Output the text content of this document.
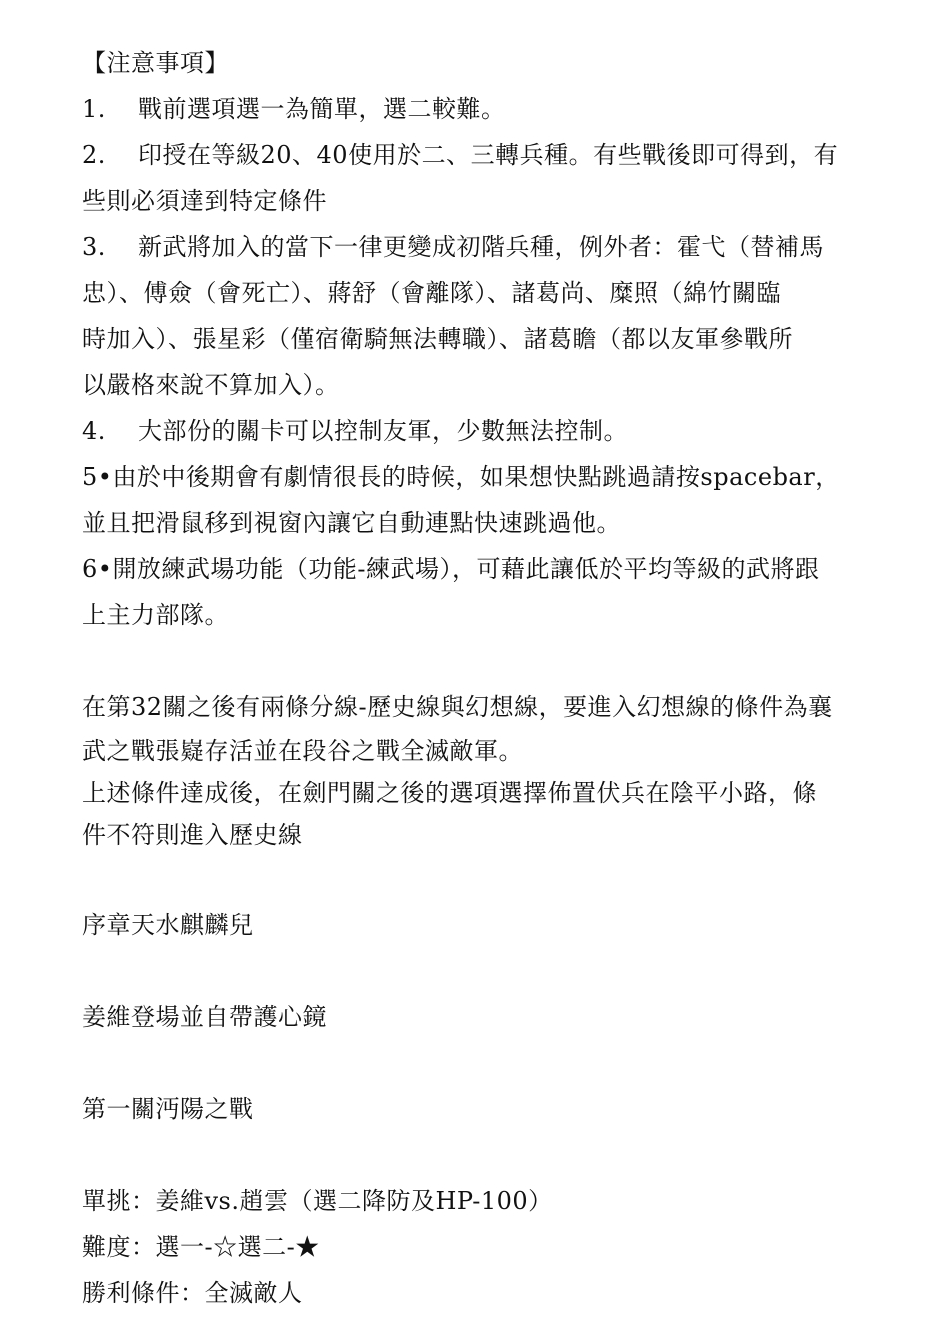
【注意事項】
1. 戰前選項選一為簡單，選二較難。
2. 印授在等級20、40使用於二、三轉兵種。有些戰後即可得到，有
些則必須達到特定條件
3. 新武將加入的當下一律更變成初階兵種，例外者：霍弋（替補馬
忠）、傅僉（會死亡）、蔣舒（會離隊）、諸葛尚、糜照（綿竹關臨
時加入）、張星彩（僅宿衛騎無法轉職）、諸葛瞻（都以友軍參戰所
以嚴格來說不算加入）。
4. 大部份的關卡可以控制友軍，少數無法控制。
5•由於中後期會有劇情很長的時候，如果想快點跳過請按spacebar，
並且把滑鼠移到視窗內讓它自動連點快速跳過他。
6•開放練武場功能（功能-練武場），可藉此讓低於平均等級的武將跟
上主力部隊。
在第32關之後有兩條分線-歷史線與幻想線，要進入幻想線的條件為襄
武之戰張嶷存活並在段谷之戰全滅敵軍。
上述條件達成後，在劍門關之後的選項選擇佈置伏兵在陰平小路，條
件不符則進入歷史線
序章天水麒麟兒
姜維登場並自帶護心鏡
第一關沔陽之戰
單挑：姜維vs.趙雲（選二降防及HP-100）
難度：選一-☆選二-★
勝利條件：全滅敵人
